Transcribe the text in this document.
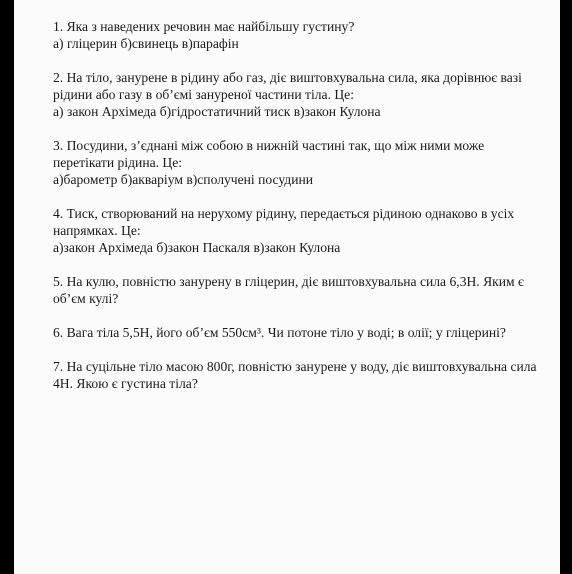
1. Яка з наведених речовин має найбільшу густину?

а) гліцерин б)свинець в)парафін

2. На тіло, занурене в рідину або газ, діє виштовхувальна сила, яка дорівнює вазі рідини або газу в об’ємі зануреної частини тіла. Це:

а) закон Архімеда б)гідростатичний тиск в)закон Кулона

3. Посудини, з’єднані між собою в нижній частині так, що між ними може перетікати рідина. Це:

а)барометр б)акваріум в)сполучені посудини

4. Тиск, створюваний на нерухому рідину, передається рідиною однаково в усіх напрямках. Це:

а)закон Архімеда б)закон Паскаля в)закон Кулона

5. На кулю, повністю занурену в гліцерин, діє виштовхувальна сила 6,3Н. Яким є об’єм кулі?

6. Вага тіла 5,5Н, його об’єм 550см³. Чи потоне тіло у воді; в олії; у гліцерині?

7. На суцільне тіло масою 800г, повністю занурене у воду, діє виштовхувальна сила 4Н. Якою є густина тіла?
